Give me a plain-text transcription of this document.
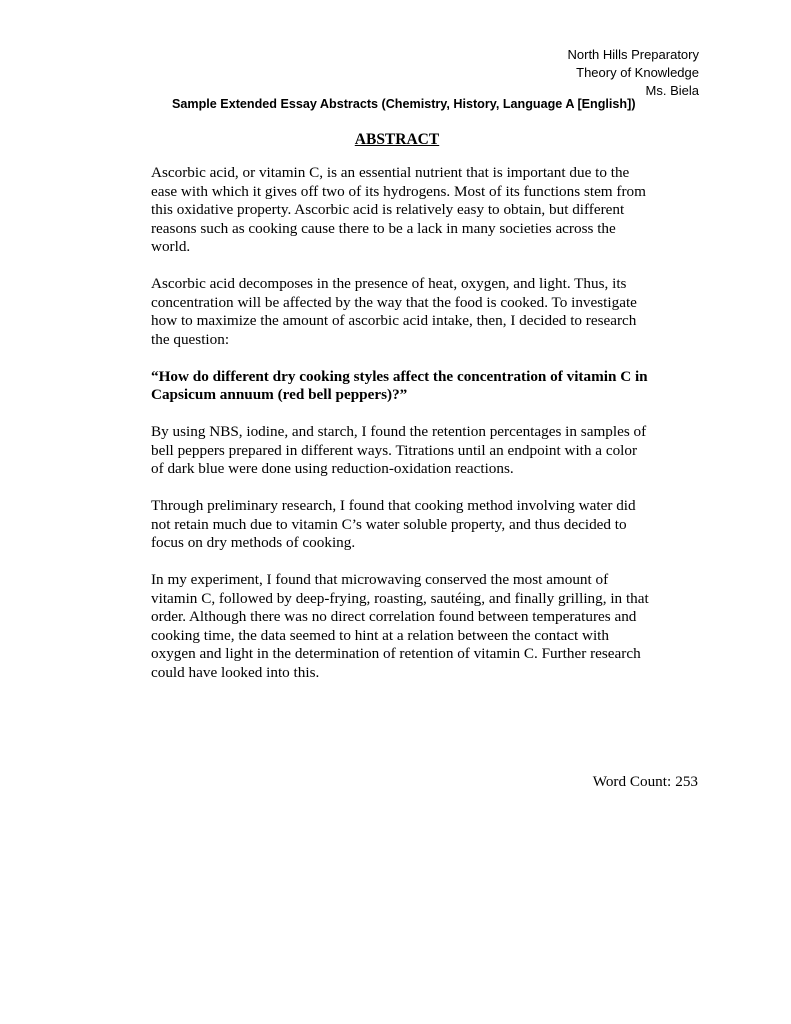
North Hills Preparatory
Theory of Knowledge
Ms. Biela
Sample Extended Essay Abstracts (Chemistry, History, Language A [English])
ABSTRACT

Ascorbic acid, or vitamin C, is an essential nutrient that is important due to the ease with which it gives off two of its hydrogens. Most of its functions stem from this oxidative property. Ascorbic acid is relatively easy to obtain, but different reasons such as cooking cause there to be a lack in many societies across the world.

Ascorbic acid decomposes in the presence of heat, oxygen, and light. Thus, its concentration will be affected by the way that the food is cooked. To investigate how to maximize the amount of ascorbic acid intake, then, I decided to research the question:

“How do different dry cooking styles affect the concentration of vitamin C in Capsicum annuum (red bell peppers)?”

By using NBS, iodine, and starch, I found the retention percentages in samples of bell peppers prepared in different ways. Titrations until an endpoint with a color of dark blue were done using reduction-oxidation reactions.

Through preliminary research, I found that cooking method involving water did not retain much due to vitamin C’s water soluble property, and thus decided to focus on dry methods of cooking.

In my experiment, I found that microwaving conserved the most amount of vitamin C, followed by deep-frying, roasting, sautéing, and finally grilling, in that order. Although there was no direct correlation found between temperatures and cooking time, the data seemed to hint at a relation between the contact with oxygen and light in the determination of retention of vitamin C. Further research could have looked into this.

Word Count: 253
